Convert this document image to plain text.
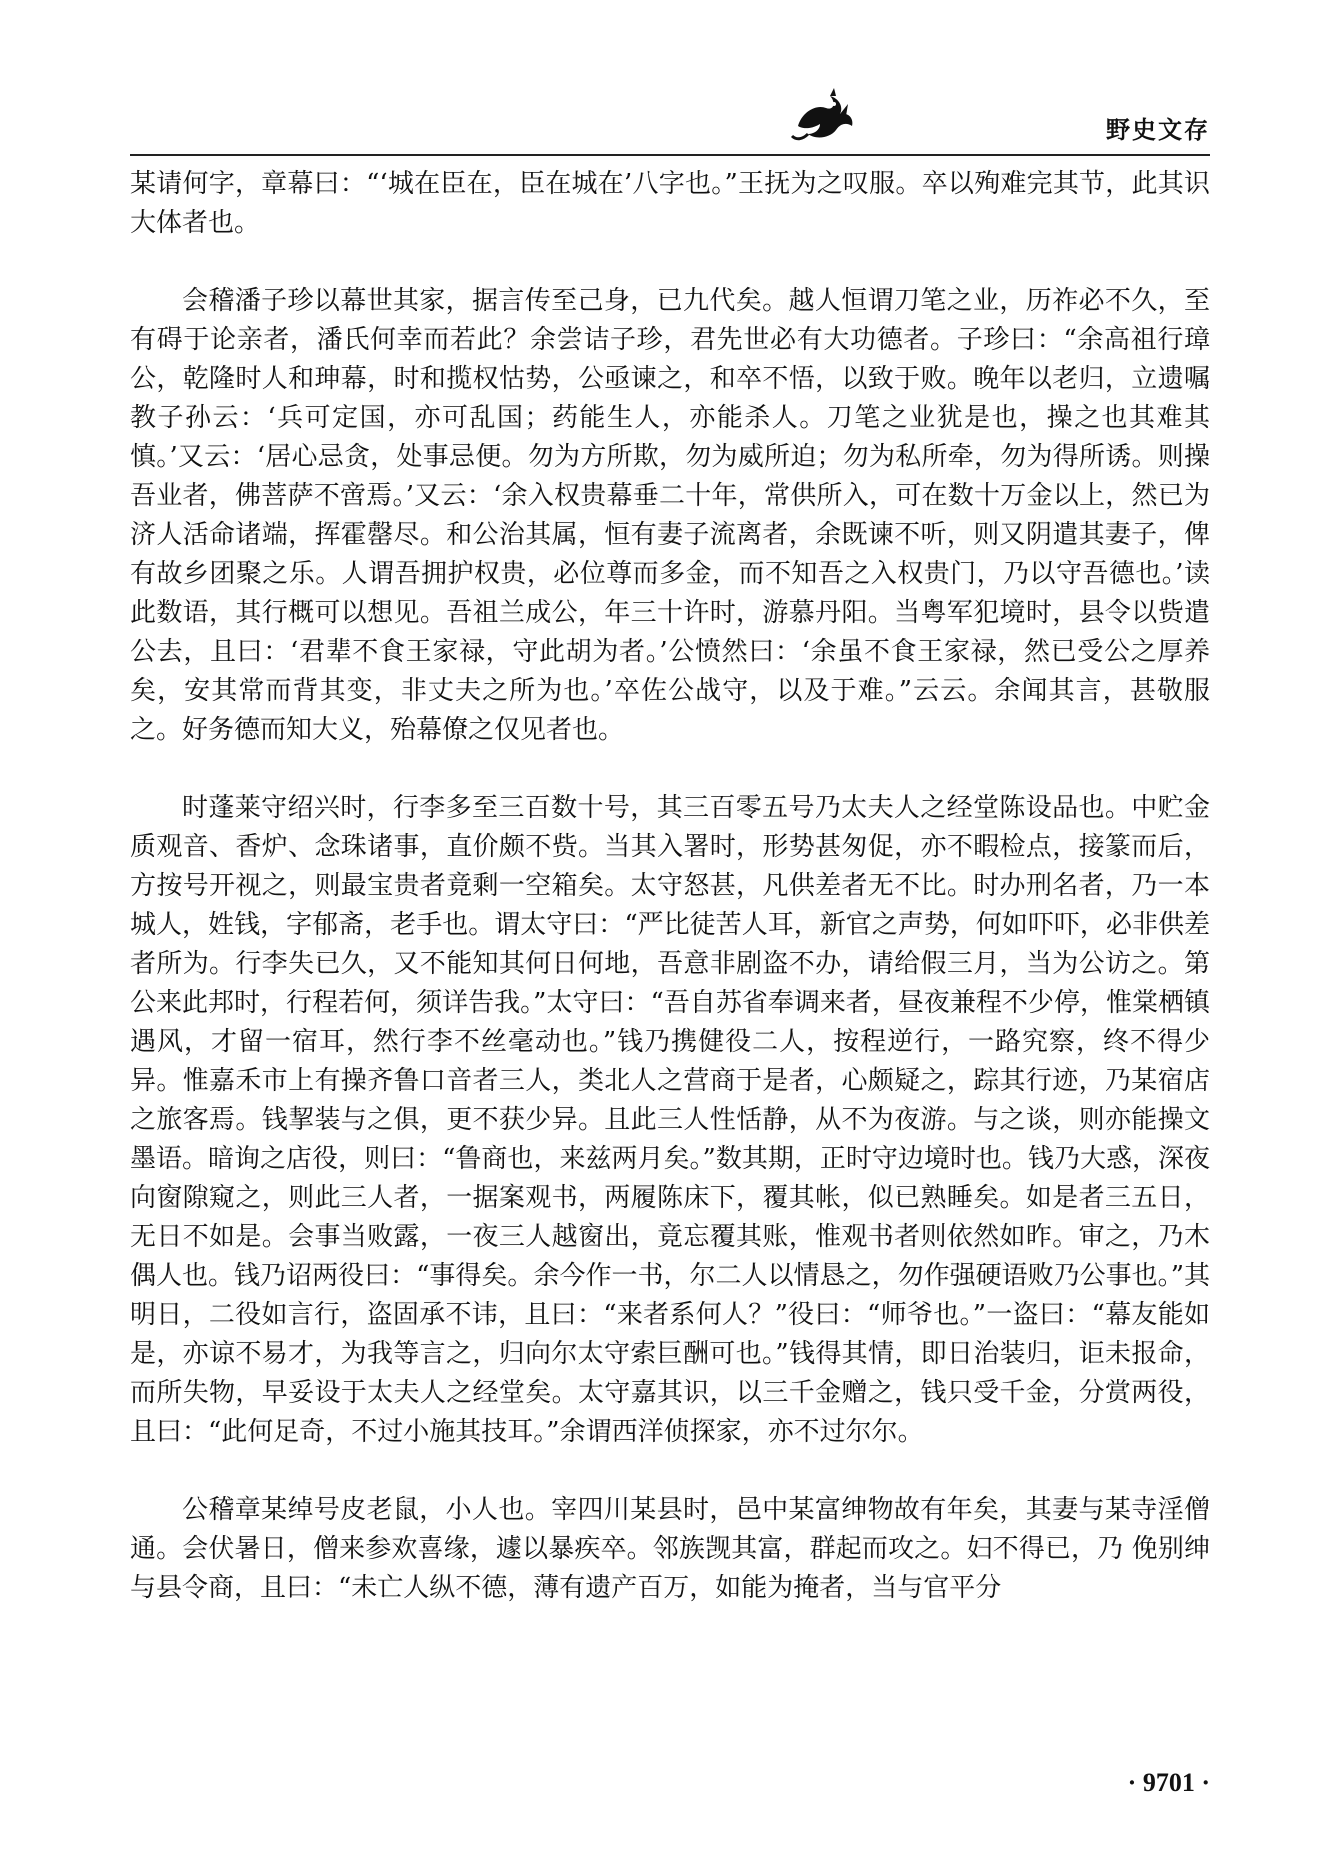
野史文存

某请何字，章幕曰：“‘城在臣在，臣在城在’八字也。”王抚为之叹服。卒以殉难完其节，此其识大体者也。

会稽潘子珍以幕世其家，据言传至己身，已九代矣。越人恒谓刀笔之业，历祚必不久，至有碍于论亲者，潘氏何幸而若此？余尝诘子珍，君先世必有大功德者。子珍曰：“余高祖行璋公，乾隆时人和珅幕，时和揽权怙势，公亟谏之，和卒不悟，以致于败。晚年以老归，立遗嘱教子孙云：‘兵可定国，亦可乱国；药能生人，亦能杀人。刀笔之业犹是也，操之也其难其慎。’又云：‘居心忌贪，处事忌便。勿为方所欺，勿为威所迫；勿为私所牵，勿为得所诱。则操吾业者，佛菩萨不啻焉。’又云：‘余入权贵幕垂二十年，常供所入，可在数十万金以上，然已为济人活命诸端，挥霍罄尽。和公治其属，恒有妻子流离者，余既谏不听，则又阴遣其妻子，俾有故乡团聚之乐。人谓吾拥护权贵，必位尊而多金，而不知吾之入权贵门，乃以守吾德也。’读此数语，其行概可以想见。吾祖兰成公，年三十许时，游慕丹阳。当粤军犯境时，县令以赀遣公去，且曰：‘君辈不食王家禄，守此胡为者。’公愤然曰：‘余虽不食王家禄，然已受公之厚养矣，安其常而背其变，非丈夫之所为也。’卒佐公战守，以及于难。”云云。余闻其言，甚敬服之。好务德而知大义，殆幕僚之仅见者也。

时蓬莱守绍兴时，行李多至三百数十号，其三百零五号乃太夫人之经堂陈设品也。中贮金质观音、香炉、念珠诸事，直价颇不赀。当其入署时，形势甚匆促，亦不暇检点，接篆而后，方按号开视之，则最宝贵者竟剩一空箱矣。太守怒甚，凡供差者无不比。时办刑名者，乃一本城人，姓钱，字郁斋，老手也。谓太守曰：“严比徒苦人耳，新官之声势，何如吓吓，必非供差者所为。行李失已久，又不能知其何日何地，吾意非剧盗不办，请给假三月，当为公访之。第公来此邦时，行程若何，须详告我。”太守曰：“吾自苏省奉调来者，昼夜兼程不少停，惟棠栖镇遇风，才留一宿耳，然行李不丝毫动也。”钱乃携健役二人，按程逆行，一路究察，终不得少异。惟嘉禾市上有操齐鲁口音者三人，类北人之营商于是者，心颇疑之，踪其行迹，乃某宿店之旅客焉。钱挈装与之俱，更不获少异。且此三人性恬静，从不为夜游。与之谈，则亦能操文墨语。暗询之店役，则曰：“鲁商也，来兹两月矣。”数其期，正时守边境时也。钱乃大惑，深夜向窗隙窥之，则此三人者，一据案观书，两履陈床下，覆其帐，似已熟睡矣。如是者三五日，无日不如是。会事当败露，一夜三人越窗出，竟忘覆其账，惟观书者则依然如昨。审之，乃木偶人也。钱乃诏两役曰：“事得矣。余今作一书，尔二人以情恳之，勿作强硬语败乃公事也。”其明日，二役如言行，盗固承不讳，且曰：“来者系何人？”役曰：“师爷也。”一盗曰：“幕友能如是，亦谅不易才，为我等言之，归向尔太守索巨酬可也。”钱得其情，即日治装归，讵未报命，而所失物，早妥设于太夫人之经堂矣。太守嘉其识，以三千金赠之，钱只受千金，分赏两役，且曰：“此何足奇，不过小施其技耳。”余谓西洋侦探家，亦不过尔尔。

公稽章某绰号皮老鼠，小人也。宰四川某县时，邑中某富绅物故有年矣，其妻与某寺淫僧通。会伏暑日，僧来参欢喜缘，遽以暴疾卒。邻族觊其富，群起而攻之。妇不得已，乃 俛别绅与县令商，且曰：“未亡人纵不德，薄有遗产百万，如能为掩者，当与官平分

· 9701 ·
